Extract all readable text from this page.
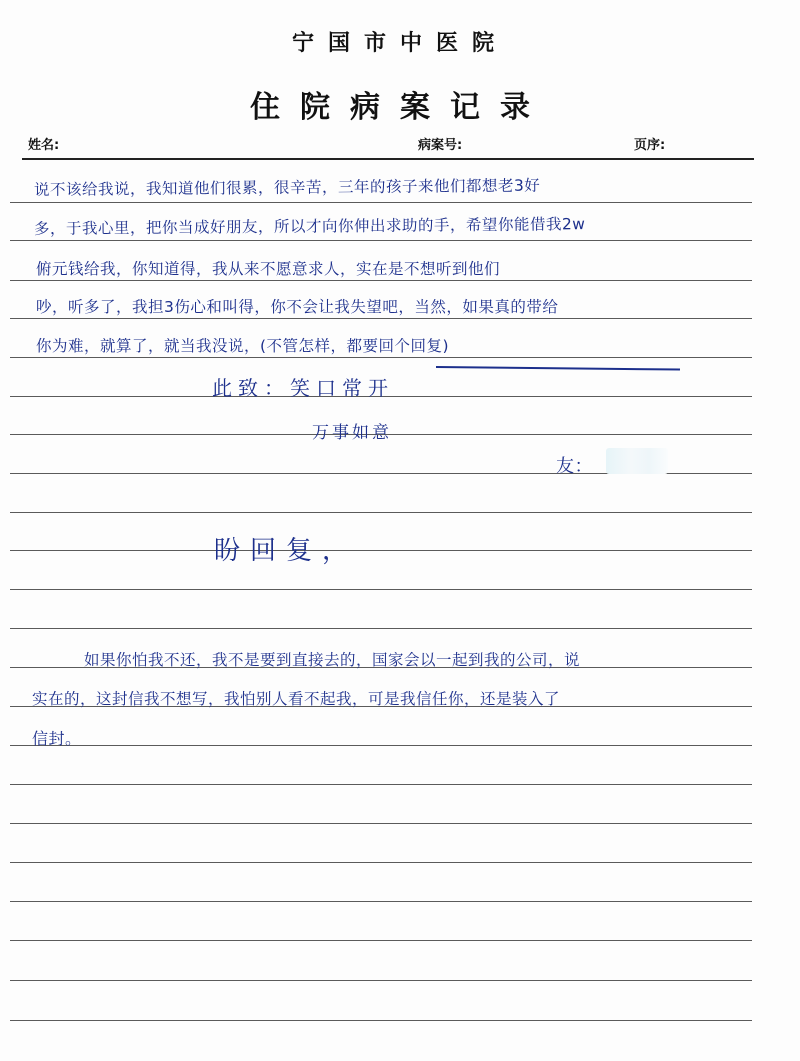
宁国市中医院
住院病案记录
姓名:	病案号:	页序:
说不该给我说，我知道他们很累，很辛苦，三年的孩子来他们都想老3好
多，于我心里，把你当成好朋友，所以才向你伸出求助的手，希望你能借我2w
俯元钱给我，你知道得，我从来不愿意求人，实在是不想听到他们
吵，听多了，我担3伤心和叫得，你不会让我失望吧，当然，如果真的带给
你为难，就算了，就当我没说，(不管怎样，都要回个回复)
此致：笑口常开
万事如意
友：
盼回复，
如果你怕我不还，我不是要到直接去的，国家会以一起到我的公司，说
实在的，这封信我不想写，我怕别人看不起我，可是我信任你，还是装入了
信封。
